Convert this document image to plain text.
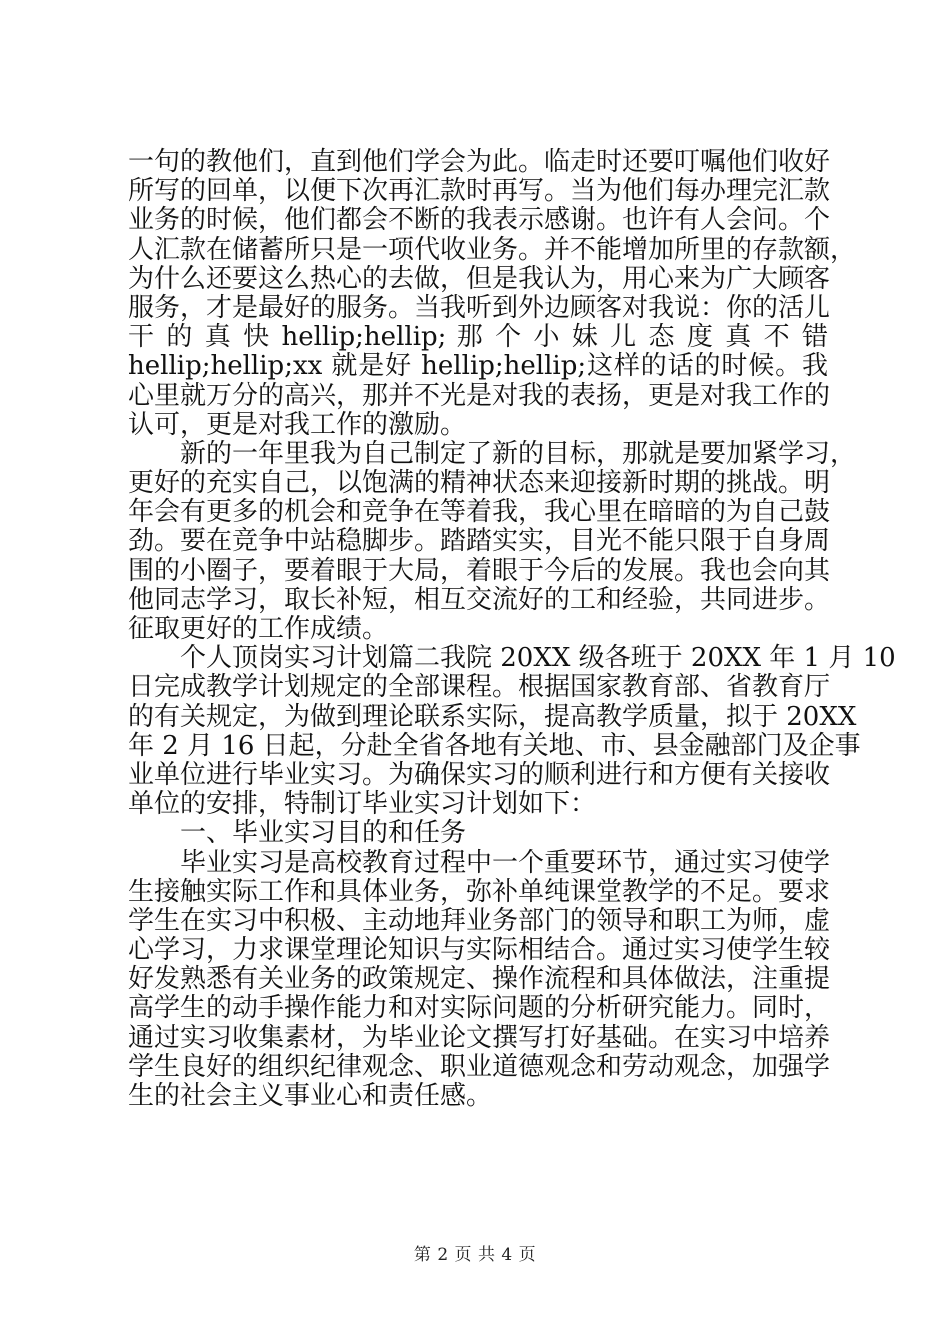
一句的教他们，直到他们学会为此。临走时还要叮嘱他们收好
所写的回单，以便下次再汇款时再写。当为他们每办理完汇款
业务的时候，他们都会不断的我表示感谢。也许有人会问。个
人汇款在储蓄所只是一项代收业务。并不能增加所里的存款额，
为什么还要这么热心的去做，但是我认为，用心来为广大顾客
服务，才是最好的服务。当我听到外边顾客对我说：你的活儿
干 的 真 快 hellip;hellip; 那 个 小 妹 儿 态 度 真 不 错
hellip;hellip;xx 就是好 hellip;hellip;这样的话的时候。我
心里就万分的高兴，那并不光是对我的表扬，更是对我工作的
认可，更是对我工作的激励。
新的一年里我为自己制定了新的目标，那就是要加紧学习，
更好的充实自己，以饱满的精神状态来迎接新时期的挑战。明
年会有更多的机会和竞争在等着我，我心里在暗暗的为自己鼓
劲。要在竞争中站稳脚步。踏踏实实，目光不能只限于自身周
围的小圈子，要着眼于大局，着眼于今后的发展。我也会向其
他同志学习，取长补短，相互交流好的工和经验，共同进步。
征取更好的工作成绩。
个人顶岗实习计划篇二我院 20XX 级各班于 20XX 年 1 月 10
日完成教学计划规定的全部课程。根据国家教育部、省教育厅
的有关规定，为做到理论联系实际，提高教学质量，拟于 20XX
年 2 月 16 日起，分赴全省各地有关地、市、县金融部门及企事
业单位进行毕业实习。为确保实习的顺利进行和方便有关接收
单位的安排，特制订毕业实习计划如下：
一、毕业实习目的和任务
毕业实习是高校教育过程中一个重要环节，通过实习使学
生接触实际工作和具体业务，弥补单纯课堂教学的不足。要求
学生在实习中积极、主动地拜业务部门的领导和职工为师，虚
心学习，力求课堂理论知识与实际相结合。通过实习使学生较
好发熟悉有关业务的政策规定、操作流程和具体做法，注重提
高学生的动手操作能力和对实际问题的分析研究能力。同时，
通过实习收集素材，为毕业论文撰写打好基础。在实习中培养
学生良好的组织纪律观念、职业道德观念和劳动观念，加强学
生的社会主义事业心和责任感。
第 2 页 共 4 页
